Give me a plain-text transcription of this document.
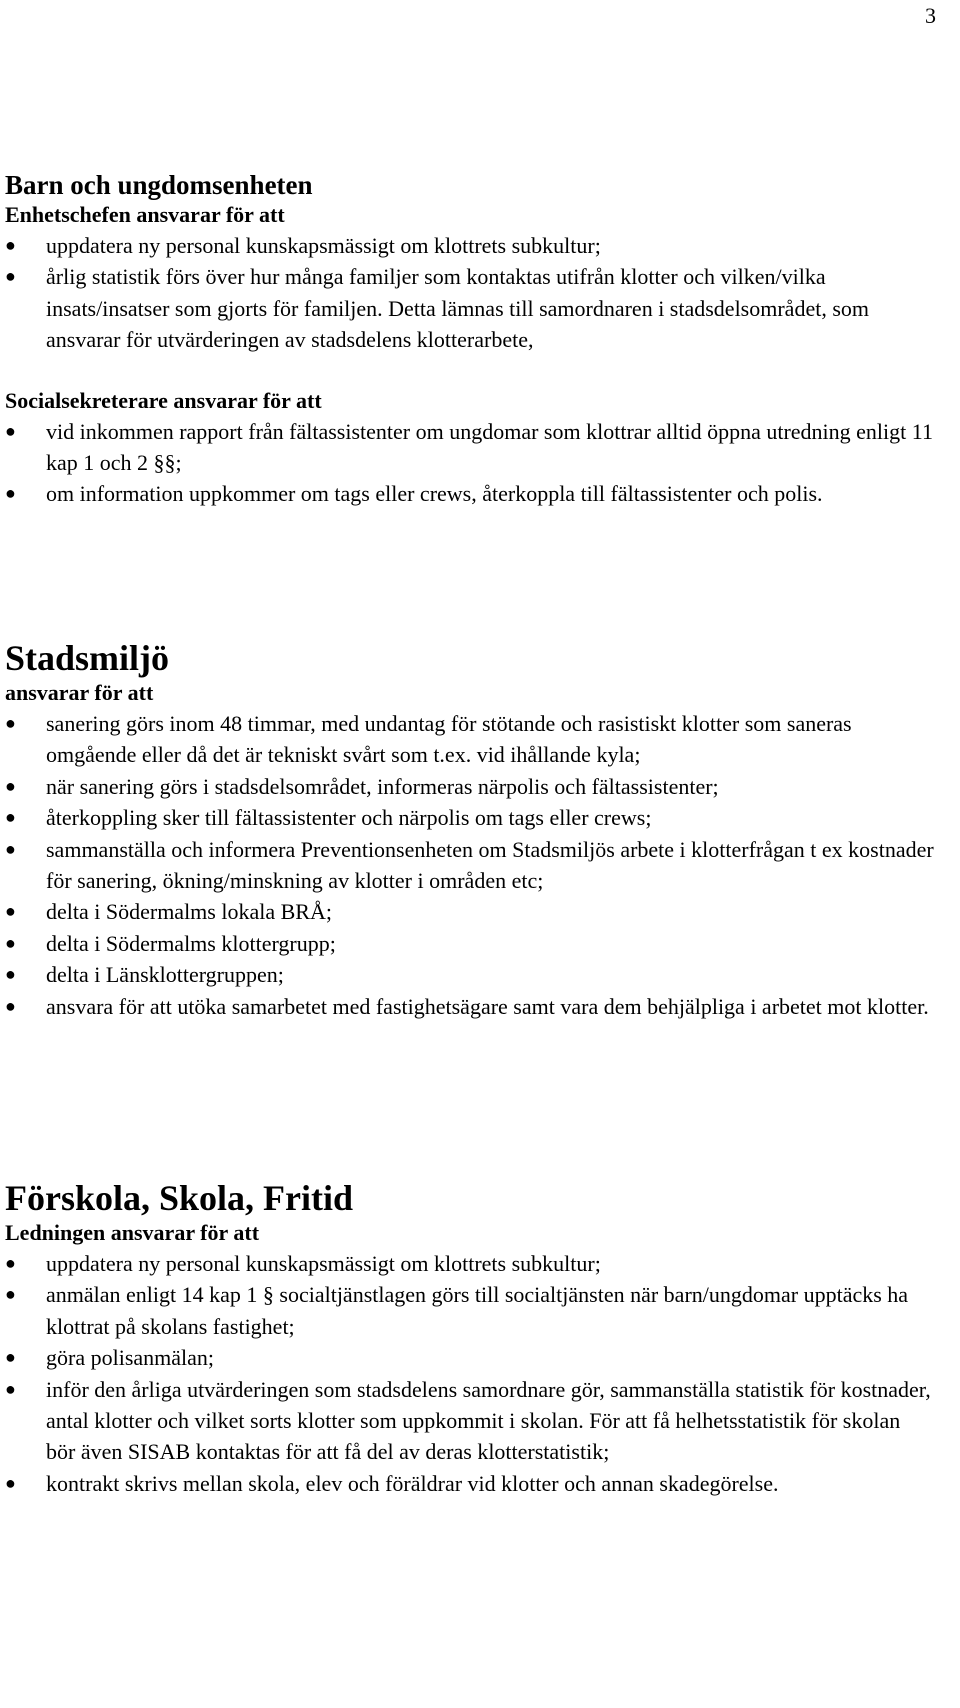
3
Barn och ungdomsenheten
Enhetschefen ansvarar för att
●	uppdatera ny personal kunskapsmässigt om klottrets subkultur;
●	årlig statistik förs över hur många familjer som kontaktas utifrån klotter och vilken/vilka insats/insatser som gjorts för familjen. Detta lämnas till samordnaren i stadsdelsområdet, som ansvarar för utvärderingen av stadsdelens klotterarbete,
Socialsekreterare ansvarar för att
●	vid inkommen rapport från fältassistenter om ungdomar som klottrar alltid öppna utredning enligt 11 kap 1 och 2 §§;
●	om information uppkommer om tags eller crews, återkoppla till fältassistenter och polis.
Stadsmiljö
ansvarar för att
●	sanering görs inom 48 timmar, med undantag för stötande och rasistiskt klotter som saneras omgående eller då det är tekniskt svårt som t.ex. vid ihållande kyla;
●	när sanering görs i stadsdelsområdet, informeras närpolis och fältassistenter;
●	återkoppling sker till fältassistenter och närpolis om tags eller crews;
●	sammanställa och informera Preventionsenheten om Stadsmiljös arbete i klotterfrågan t ex kostnader för sanering, ökning/minskning av klotter i områden etc;
●	delta i Södermalms lokala BRÅ;
●	delta i Södermalms klottergrupp;
●	delta i Länsklottergruppen;
●	ansvara för att utöka samarbetet med fastighetsägare samt vara dem behjälpliga i arbetet mot klotter.
Förskola, Skola, Fritid
Ledningen ansvarar för att
●	uppdatera ny personal kunskapsmässigt om klottrets subkultur;
●	anmälan enligt 14 kap 1 § socialtjänstlagen görs till socialtjänsten när barn/ungdomar upptäcks ha klottrat på skolans fastighet;
●	göra polisanmälan;
●	inför den årliga utvärderingen som stadsdelens samordnare gör, sammanställa statistik för kostnader, antal klotter och vilket sorts klotter som uppkommit i skolan. För att få helhetsstatistik för skolan bör även SISAB kontaktas för att få del av deras klotterstatistik;
●	kontrakt skrivs mellan skola, elev och föräldrar vid klotter och annan skadegörelse.
